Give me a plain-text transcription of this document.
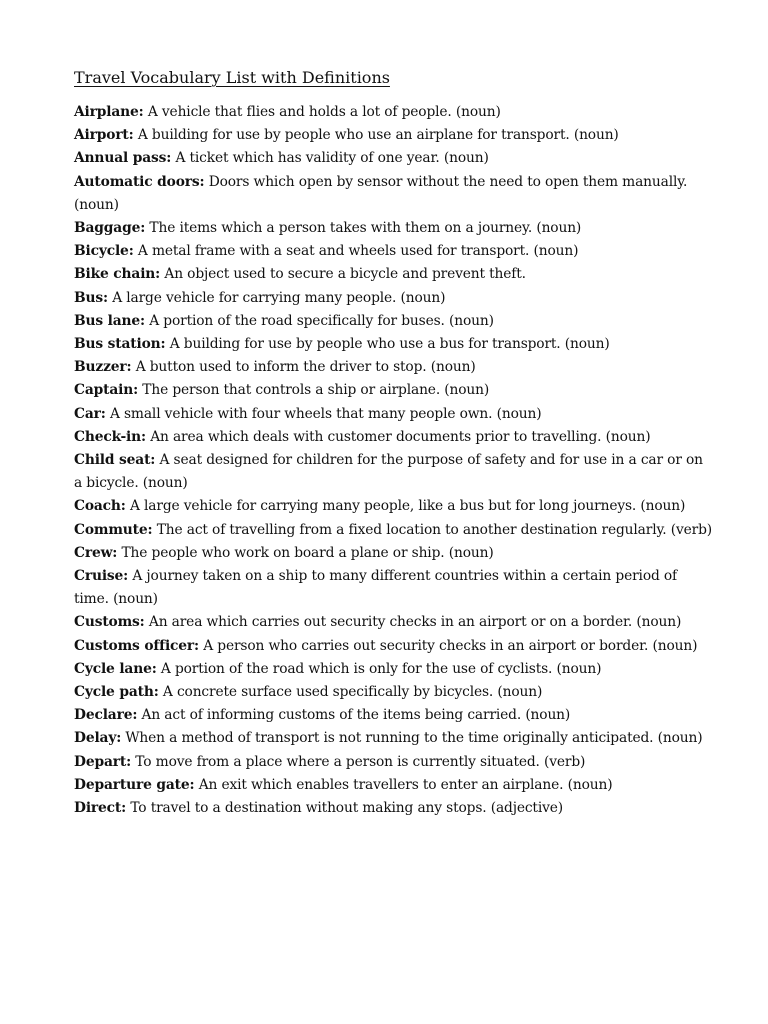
Travel Vocabulary List with Definitions
Airplane: A vehicle that flies and holds a lot of people. (noun)
Airport: A building for use by people who use an airplane for transport. (noun)
Annual pass: A ticket which has validity of one year. (noun)
Automatic doors: Doors which open by sensor without the need to open them manually. (noun)
Baggage: The items which a person takes with them on a journey. (noun)
Bicycle: A metal frame with a seat and wheels used for transport. (noun)
Bike chain: An object used to secure a bicycle and prevent theft.
Bus: A large vehicle for carrying many people. (noun)
Bus lane: A portion of the road specifically for buses. (noun)
Bus station: A building for use by people who use a bus for transport. (noun)
Buzzer: A button used to inform the driver to stop. (noun)
Captain: The person that controls a ship or airplane. (noun)
Car: A small vehicle with four wheels that many people own. (noun)
Check-in: An area which deals with customer documents prior to travelling. (noun)
Child seat: A seat designed for children for the purpose of safety and for use in a car or on a bicycle. (noun)
Coach: A large vehicle for carrying many people, like a bus but for long journeys. (noun)
Commute: The act of travelling from a fixed location to another destination regularly. (verb)
Crew: The people who work on board a plane or ship. (noun)
Cruise: A journey taken on a ship to many different countries within a certain period of time. (noun)
Customs: An area which carries out security checks in an airport or on a border. (noun)
Customs officer: A person who carries out security checks in an airport or border. (noun)
Cycle lane: A portion of the road which is only for the use of cyclists. (noun)
Cycle path: A concrete surface used specifically by bicycles. (noun)
Declare: An act of informing customs of the items being carried. (noun)
Delay: When a method of transport is not running to the time originally anticipated. (noun)
Depart: To move from a place where a person is currently situated. (verb)
Departure gate: An exit which enables travellers to enter an airplane. (noun)
Direct: To travel to a destination without making any stops. (adjective)
